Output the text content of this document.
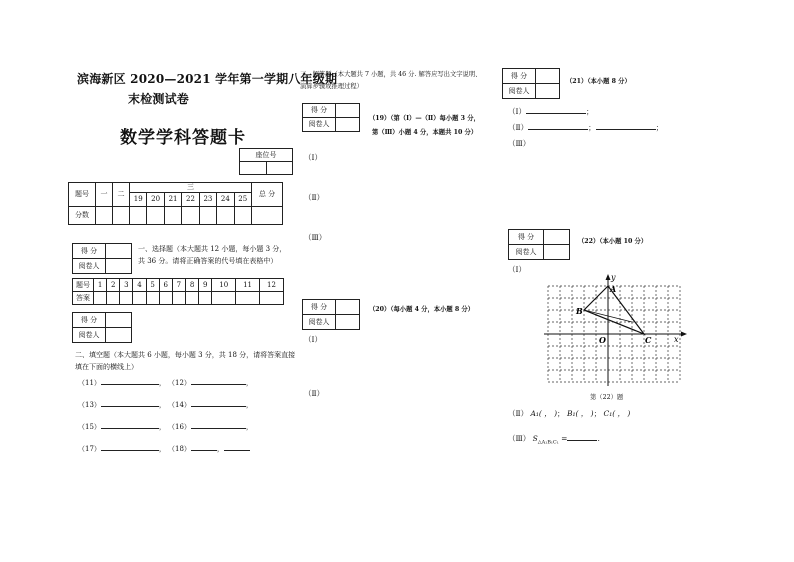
滨海新区 2020—2021 学年第一学期八年级期
末检测试卷
数学学科答题卡
座位号

题号	一	二	三							总 分
			19	20	21	22	23	24	25	
分数										
得 分	
阅卷人	
一、选择题（本大题共 12 小题，每小题 3 分，
共 36 分。请将正确答案的代号填在表格中）
题号	1	2	3	4	5	6	7	8	9	10	11	12
答案												
得 分	
阅卷人	
二、填空题（本大题共 6 小题，每小题 3 分，共 18 分，请将答案直接
填在下面的横线上）
（11）	， （12）	，
（13）	， （14）	，
（15）	， （16）	，
（17）	， （18）	，
三、解答题（本大题共 7 小题，共 46 分. 解答应写出文字说明、
演算步骤或推理过程）
得 分	
阅卷人	
（19）（第（Ⅰ）—（Ⅱ）每小题 3 分，
第（Ⅲ）小题 4 分，本题共 10 分）
（Ⅰ）
（Ⅱ）
（Ⅲ）
得 分	
阅卷人	
（20）（每小题 4 分，本小题 8 分）
（Ⅰ）
（Ⅱ）
得 分	
阅卷人	
（21）（本小题 8 分）
（Ⅰ）	；
（Ⅱ）	；	；
（Ⅲ）
得 分	
阅卷人	
（22）（本小题 10 分）
（Ⅰ）
x
y
O
A
B
C
第（22）题
（Ⅱ） A₁( ， )； B₁( ， )； C₁( ， )
（Ⅲ） $S_{\triangle A_1B_1C_1}$ =	.
